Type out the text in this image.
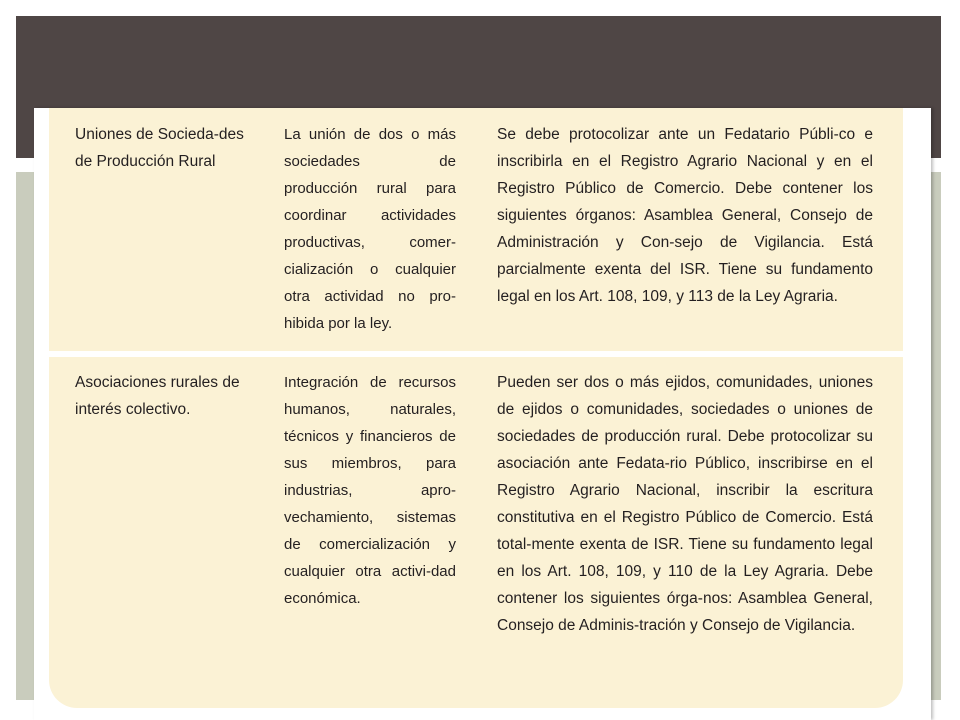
Uniones de Socieda-des de Producción Rural
La unión de dos o más sociedades de producción rural para coordinar actividades productivas, comer-cialización o cualquier otra actividad no pro-hibida por la ley.
Se debe protocolizar ante un Fedatario Públi-co e inscribirla en el Registro Agrario Nacional y en el Registro Público de Comercio. Debe contener los siguientes órganos: Asamblea General, Consejo de Administración y Con-sejo de Vigilancia. Está parcialmente exenta del ISR. Tiene su fundamento legal en los Art. 108, 109, y 113 de la Ley Agraria.
Asociaciones rurales de interés colectivo.
Integración de recursos humanos, naturales, técnicos y financieros de sus miembros, para industrias, apro-vechamiento, sistemas de comercialización y cualquier otra activi-dad económica.
Pueden ser dos o más ejidos, comunidades, uniones de ejidos o comunidades, sociedades o uniones de sociedades de producción rural. Debe protocolizar su asociación ante Fedata-rio Público, inscribirse en el Registro Agrario Nacional, inscribir la escritura constitutiva en el Registro Público de Comercio. Está total-mente exenta de ISR. Tiene su fundamento legal en los Art. 108, 109, y 110 de la Ley Agraria. Debe contener los siguientes órga-nos: Asamblea General, Consejo de Adminis-tración y Consejo de Vigilancia.
